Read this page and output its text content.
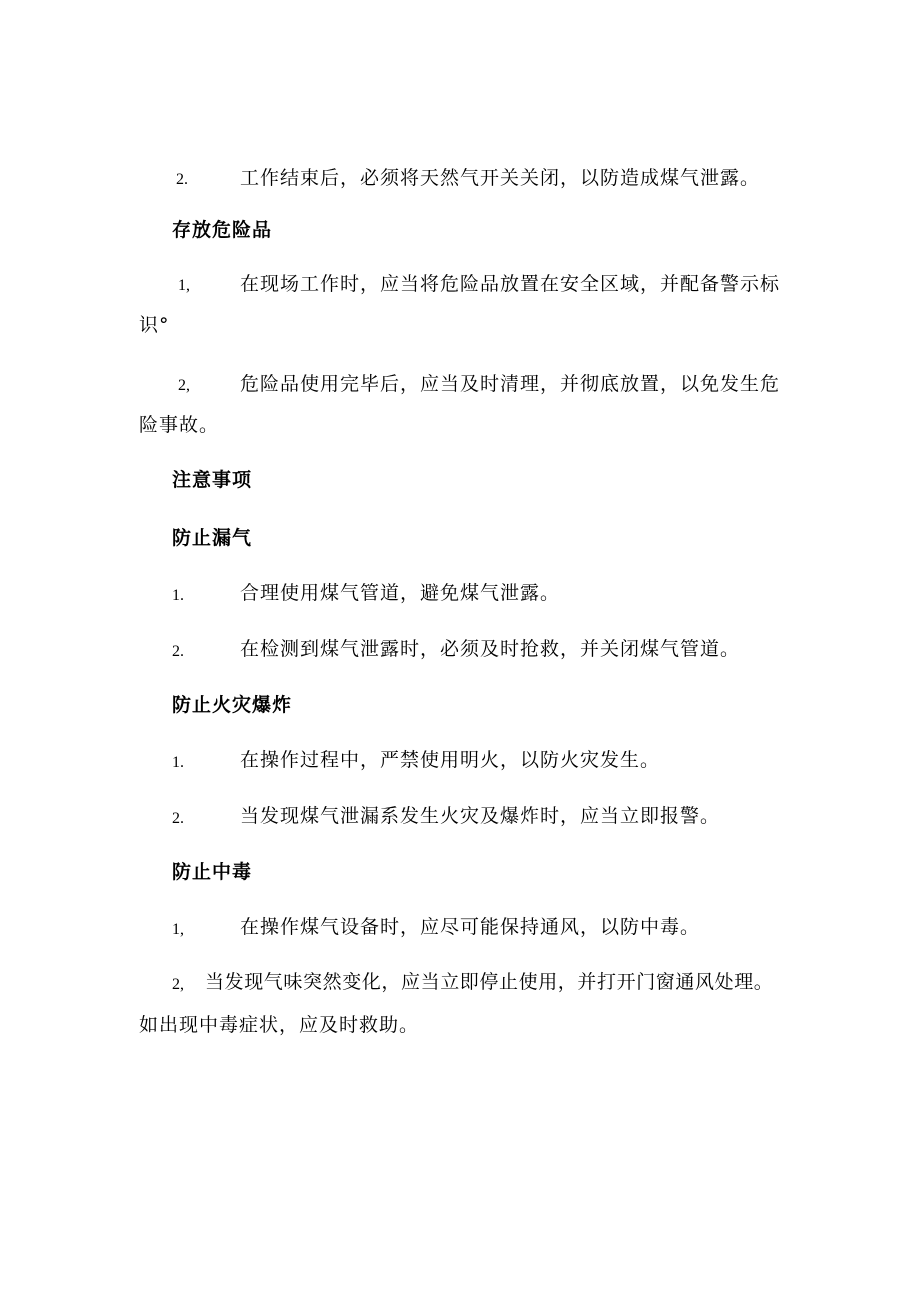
2.	工作结束后，必须将天然气开关关闭，以防造成煤气泄露。
存放危险品
1,	在现场工作时，应当将危险品放置在安全区域，并配备警示标
识°
2,	危险品使用完毕后，应当及时清理，并彻底放置，以免发生危
险事故。
注意事项
防止漏气
1.	合理使用煤气管道，避免煤气泄露。
2.	在检测到煤气泄露时，必须及时抢救，并关闭煤气管道。
防止火灾爆炸
1.	在操作过程中，严禁使用明火，以防火灾发生。
2.	当发现煤气泄漏系发生火灾及爆炸时，应当立即报警。
防止中毒
1,	在操作煤气设备时，应尽可能保持通风，以防中毒。
2, 当发现气味突然变化，应当立即停止使用，并打开门窗通风处理。
如出现中毒症状，应及时救助。
